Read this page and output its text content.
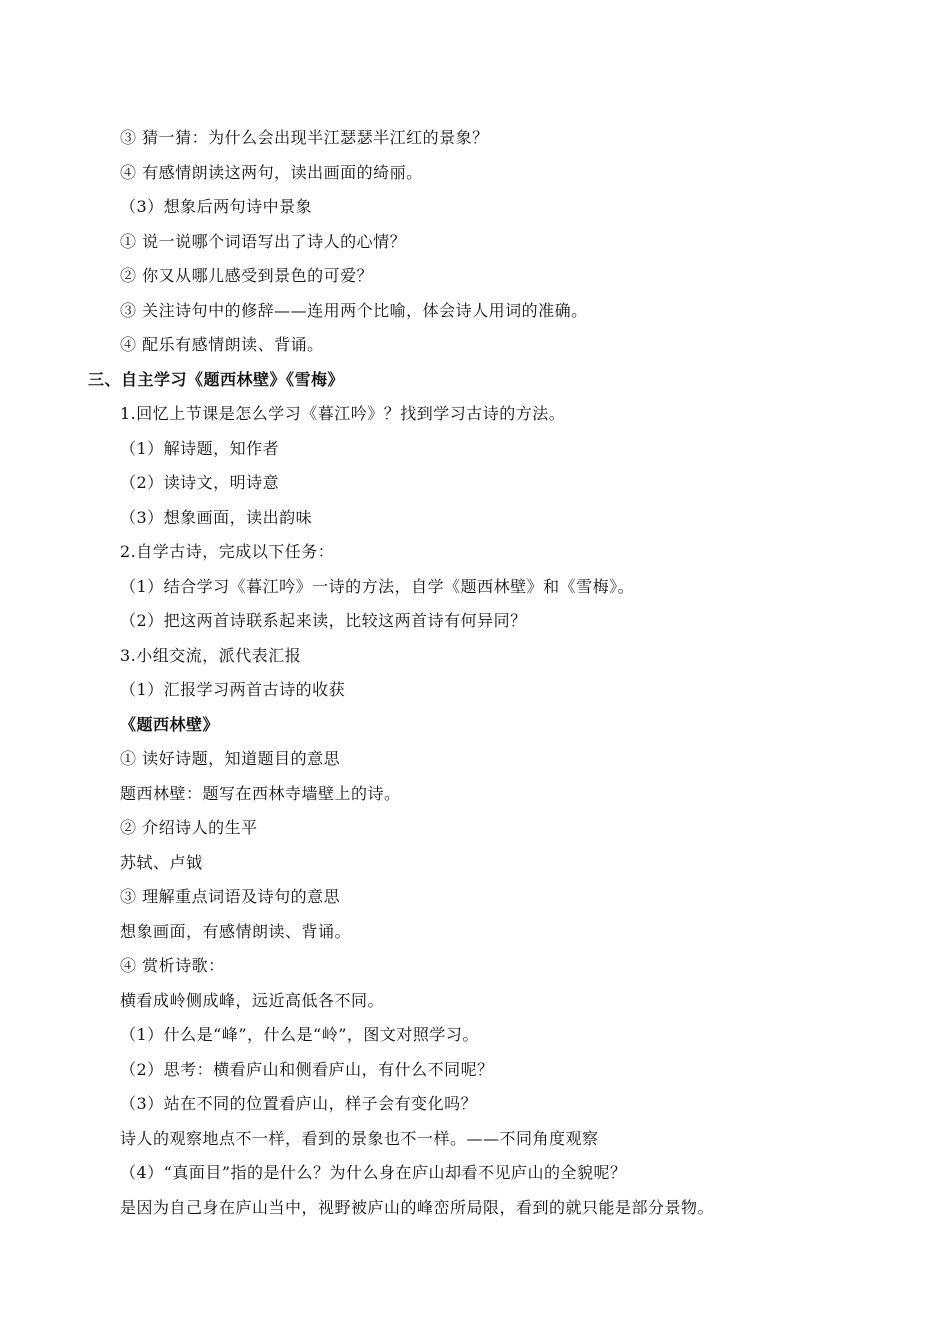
③ 猜一猜：为什么会出现半江瑟瑟半江红的景象？
④ 有感情朗读这两句，读出画面的绮丽。
（3）想象后两句诗中景象
① 说一说哪个词语写出了诗人的心情？
② 你又从哪儿感受到景色的可爱？
③ 关注诗句中的修辞——连用两个比喻，体会诗人用词的准确。
④ 配乐有感情朗读、背诵。
三、自主学习《题西林壁》《雪梅》
1.回忆上节课是怎么学习《暮江吟》？找到学习古诗的方法。
（1）解诗题，知作者
（2）读诗文，明诗意
（3）想象画面，读出韵味
2.自学古诗，完成以下任务：
（1）结合学习《暮江吟》一诗的方法，自学《题西林壁》和《雪梅》。
（2）把这两首诗联系起来读，比较这两首诗有何异同？
3.小组交流，派代表汇报
（1）汇报学习两首古诗的收获
《题西林壁》
① 读好诗题，知道题目的意思
题西林壁：题写在西林寺墙壁上的诗。
② 介绍诗人的生平
苏轼、卢钺
③ 理解重点词语及诗句的意思
想象画面，有感情朗读、背诵。
④ 赏析诗歌：
横看成岭侧成峰，远近高低各不同。
（1）什么是“峰”，什么是“岭”，图文对照学习。
（2）思考：横看庐山和侧看庐山，有什么不同呢？
（3）站在不同的位置看庐山，样子会有变化吗？
诗人的观察地点不一样，看到的景象也不一样。——不同角度观察
（4）“真面目”指的是什么？为什么身在庐山却看不见庐山的全貌呢？
是因为自己身在庐山当中，视野被庐山的峰峦所局限，看到的就只能是部分景物。
